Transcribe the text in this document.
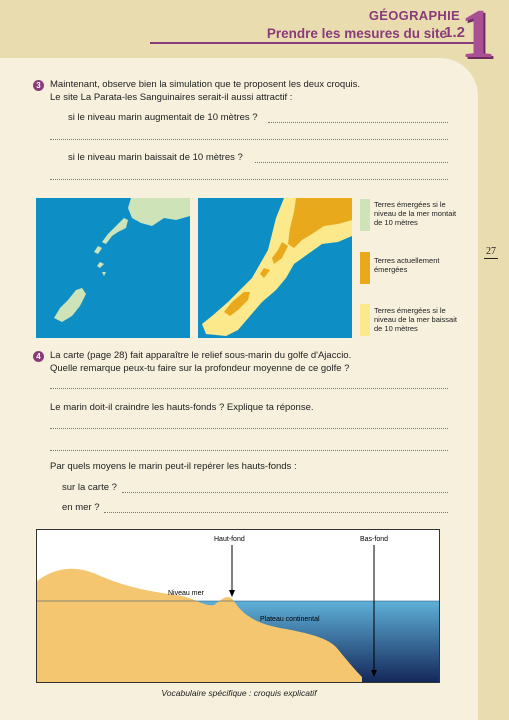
GÉOGRAPHIE
Prendre les mesures du site
1.2
1
27
3 Maintenant, observe bien la simulation que te proposent les deux croquis.
Le site La Parata-les Sanguinaires serait-il aussi attractif :
si le niveau marin augmentait de 10 mètres ?
si le niveau marin baissait de 10 mètres ?
Terres émergées si le
niveau de la mer montait
de 10 mètres
Terres actuellement
émergées
Terres émergées si le
niveau de la mer baissait
de 10 mètres
4 La carte (page 28) fait apparaître le relief sous-marin du golfe d'Ajaccio.
Quelle remarque peux-tu faire sur la profondeur moyenne de ce golfe ?
Le marin doit-il craindre les hauts-fonds ? Explique ta réponse.
Par quels moyens le marin peut-il repérer les hauts-fonds :
sur la carte ?
en mer ?
Haut-fond	Bas-fond
Niveau mer
Plateau continental
Vocabulaire spécifique : croquis explicatif
